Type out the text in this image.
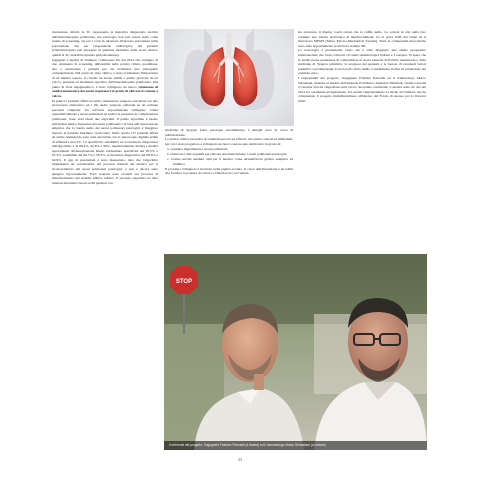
risoluzione. Infatti, la TC rappresenta la metodica diagnostica elettiva dell'interstiziopatia polmonare, ma purtroppo non può essere usata come esame di screening, sia per i costi in relazione all'elevata prevalenza nella popolazione che per l'esposizione radiologica; dei pazienti (l'interstiziopatia può insorgere in qualsiasi momento della storia clinica, quindi la TC andrebbe ripetuta periodicamente).

Ingegneri e medici di Unimore collaborano fin dal 2014 allo sviluppo di uno strumento di screening, utilizzabile nella pratica clinica quotidiana, atto a selezionare i pazienti per cui richiedere una tomografia computerizzata. Dal punto di vista clinico, è stata evidenziata l'importanza di un marker sonoro, il crackle un suono simile a quello prodotto da un velcro, presente ed altamente specifico dell'interstiziopatia polmonare. Dal punto di vista ingegneristico, è stato sviluppato un nuovo strumento di analisi automatica dei suoni respiratori in grado di rilevare il rantolo a velcro.

In pratica i pazienti affetti da artrite reumatoide vengono auscultati con uno stetoscopio elettronico ed i file audio vengono elaborati su un comune personal computer. Un software appositamente sviluppato valuta quantitativamente i suoni polmonari ed indica la presenza di complicazioni polmonari. Sono stati ideati due algoritmi. Il primo algoritmo è basato sull'analisi tempo-frequenza dei suoni polmonari e si basa sull'osservazione empirica che la banda audio dei suoni polmonari patologici è maggiore rispetto al naturale murmure vescicolare. Nello studio 137 pazienti affetti da artrite reumatoide sono stati auscultati con lo stetoscopio digitale prima di effettuare una TC. La specificità, sensibilità ed accuratezza diagnostica dell'algoritmo è di 88.4%, 92.6% e 90%, rispettivamente; mentre i medici specializzati all'auscultazione hanno evidenziato specificità del 95.5% e 91.3%, sensibilità del 66.7% e 59.3%, accuratezza diagnostica del 68.6% e 62.9%. Il gap di prestazioni è stato inaspettato, dato che l'algoritmo implementa un sottoinsieme dei processi mentali del medico per il riconoscimento dei suoni polmonari patologici, e non è ancora stato spiegato rigorosamente. Forti sospetti sono ricaduti sui processi di mascheramento del sistema uditivo umano. Il secondo algoritmo ha dato risultati altrettanto buoni su 96 pazienti con

sindrome di Sjogren (altra patologia autoimmune). I dettagli sono in corso di pubblicazione.

La pratica clinica necessita di strumenti precisi ed efficaci, ma anche comodi ed immediati, per cui è stato progettato e sviluppato un nuovo stetoscopio elettronico in grado di:

a. acquisire digitalmente i suoni polmonari;
b. elaborare i dati acquisiti per rilevare automaticamente i suoni polmonari patologici;
c. fornire servizi ausiliari utili per il medico come un'interfaccia grafica semplice ed intuitiva.

Il prototipo sviluppato è mostrato nella pagina accanto. Il cuore dell'invenzione è un tablet che fornisce la potenza di calcolo e l'interfaccia con l'utente,

sia attraverso il display touch screen che le cuffie audio. La scatola in alto nella foto contiene una scheda elettronica di interfacciamento tra la porta USB del tablet ed il microfono MEMS (Micro Electro-Mechanical System). Tutte le componenti meccaniche sono state appositamente prodotte in stampa 3D.

La tecnologia è promettente, tanto che è stato disegnato uno studio prospettico internazionale che vede coinvolti 10 centri reumatologici italiani e 3 europei. Si spera che lo studio possa permettere di comprendere la storia naturale dell'artrite reumatoide e della sindrome di Sjogren primitiva, la prognosi dei pazienti e le fasi-ne di eventuali fattori predittivi o predisponenti. Il protocollo dello studio è attualmente in fase di valutazione del comitato etico.

I responsabili del progetto, l'ingegnere Fabrizio Pancaldi ed il reumatologo Marco Sebastiani, insieme ai medici dell'Azienda Policlinico Andreina Manfredi, Giulia Cassone e Caterina Vacchi, ringraziano tutti coloro che hanno contribuito a rendere reale ciò che nel 2014 era solamente un'ispirazione. Un sentito ringraziamento va anche ad Unimore che ha cofinanziato il progetto multidisciplinare all'interno del Fondo di Ateneo per la Ricerca 2016.

STOP
Il referente del progetto, l'ingegnere Fabrizio Pancaldi (a destra) ed il reumatologo Marco Sebastiani (a sinistra)
23
